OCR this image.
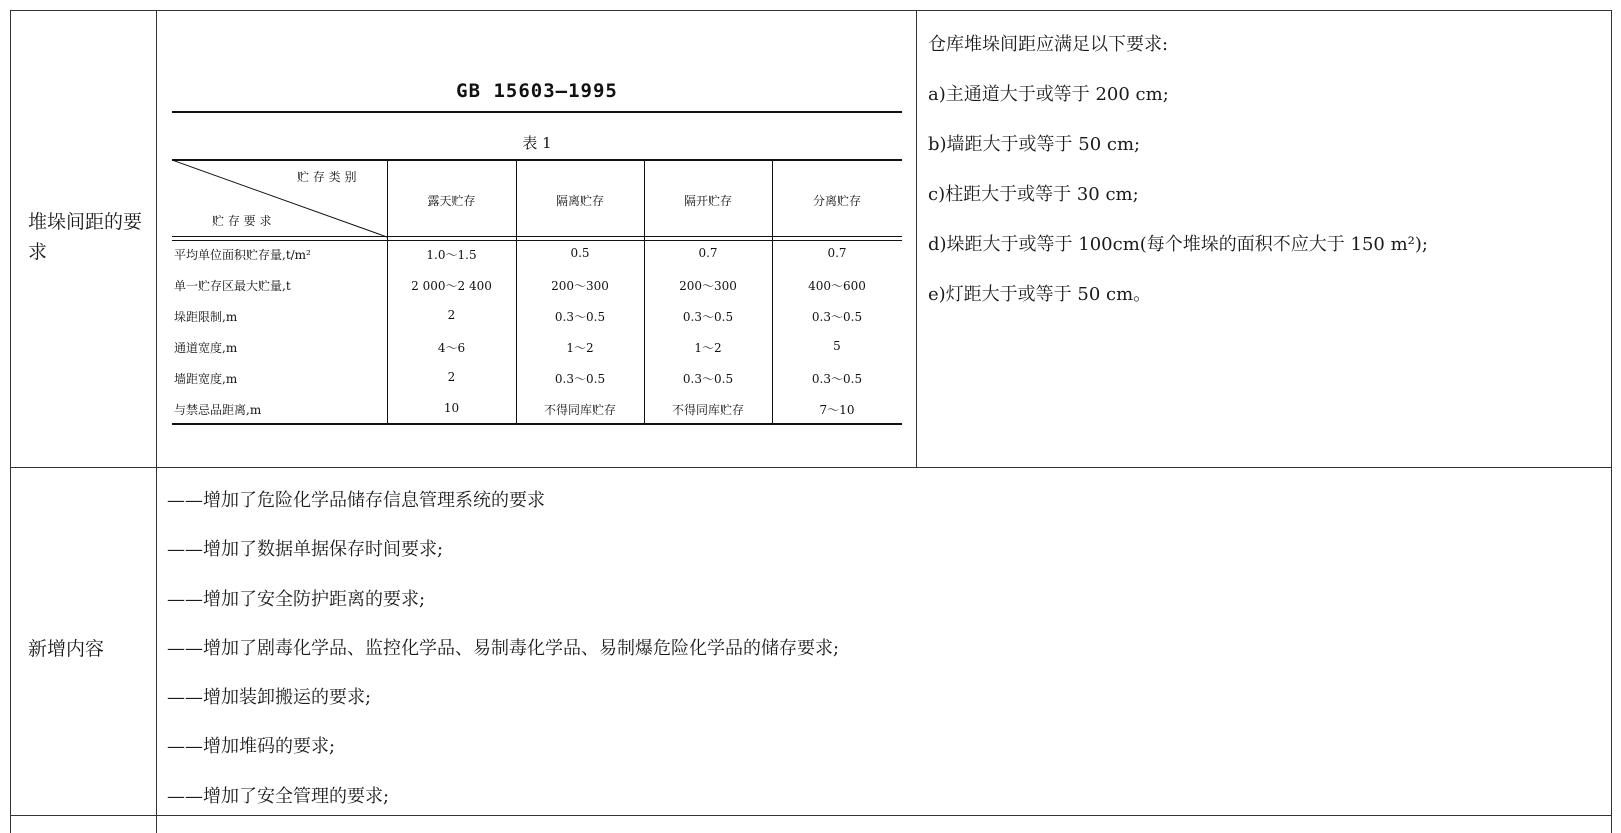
堆垛间距的要求
GB 15603—1995
表 1
贮 存 类 别
贮 存 要 求
露天贮存	隔离贮存	隔开贮存	分离贮存
平均单位面积贮存量,t/m²	1.0～1.5	0.5	0.7	0.7
单一贮存区最大贮量,t	2 000～2 400	200～300	200～300	400～600
垛距限制,m	2	0.3～0.5	0.3～0.5	0.3～0.5
通道宽度,m	4～6	1～2	1～2	5
墙距宽度,m	2	0.3～0.5	0.3～0.5	0.3～0.5
与禁忌品距离,m	10	不得同库贮存	不得同库贮存	7～10

仓库堆垛间距应满足以下要求:

a)主通道大于或等于 200 cm;

b)墙距大于或等于 50 cm;

c)柱距大于或等于 30 cm;

d)垛距大于或等于 100cm(每个堆垛的面积不应大于 150 m²);

e)灯距大于或等于 50 cm。

新增内容

——增加了危险化学品储存信息管理系统的要求

——增加了数据单据保存时间要求;

——增加了安全防护距离的要求;

——增加了剧毒化学品、监控化学品、易制毒化学品、易制爆危险化学品的储存要求;

——增加装卸搬运的要求;

——增加堆码的要求;

——增加了安全管理的要求;
